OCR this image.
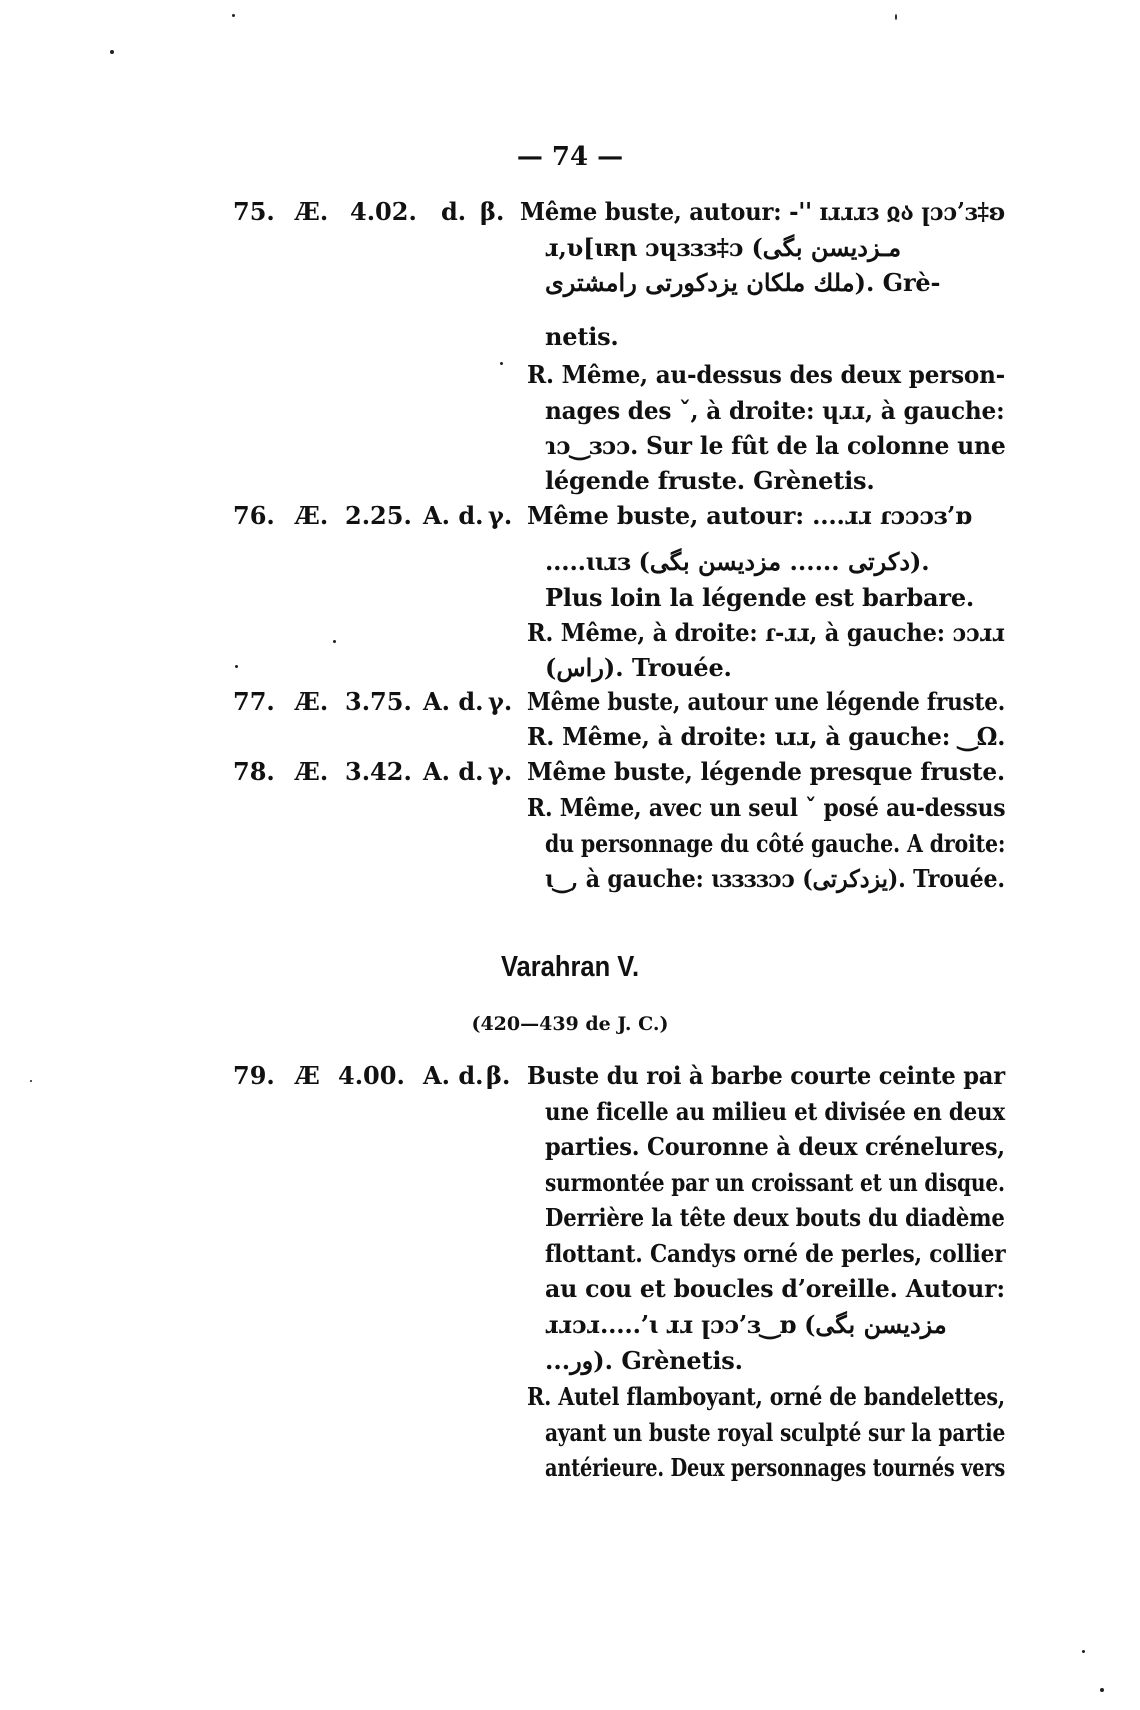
— 74 —
75. Æ. 4.02. d. β. Même buste, autour: -ꞌꞌ ɪɹɹɹɜ ჲა ꞁɔɔ’ɜ‡ʚ
ɹ,ʋ[ɩʀꞃ ɔɥɜɜɜ‡ɔ (مـزديسن بگى
ملك ملكان يزدكورتى رامشترى). Grè-
netis.
R. Même, au-dessus des deux person-
nages des ˇ, à droite: ɥɹɹ, à gauche:
ɿɔ‿ɜɔɔ. Sur le fût de la colonne une
légende fruste. Grènetis.
76. Æ. 2.25. A. d. γ. Même buste, autour: ....ɹɹ ɾɔɔɔɜ’ɒ
.....ɩɩɹɜ (دكرتى ...... مزديسن بگى).
Plus loin la légende est barbare.
R. Même, à droite: ɾ-ɹɹ, à gauche: ɔɔɹɹ
(راس). Trouée.
77. Æ. 3.75. A. d. γ. Même buste, autour une légende fruste.
R. Même, à droite: ɩɹɹ, à gauche: ‿Ω.
78. Æ. 3.42. A. d. γ. Même buste, légende presque fruste.
R. Même, avec un seul ˇ posé au-dessus
du personnage du côté gauche. A droite:
ɩ‿, à gauche: ɩɜɜɜɜɔɔ (يزدكرتى). Trouée.
Varahran V.
(420—439 de J. C.)
79. Æ 4.00. A. d. β. Buste du roi à barbe courte ceinte par
une ficelle au milieu et divisée en deux
parties. Couronne à deux crénelures,
surmontée par un croissant et un disque.
Derrière la tête deux bouts du diadème
flottant. Candys orné de perles, collier
au cou et boucles d’oreille. Autour:
ɹɹɔɹ.....’ɩ ɹɹ ꞁɔɔ’ɜ‿ɒ (مزديسن بگى
...ور). Grènetis.
R. Autel flamboyant, orné de bandelettes,
ayant un buste royal sculpté sur la partie
antérieure. Deux personnages tournés vers
